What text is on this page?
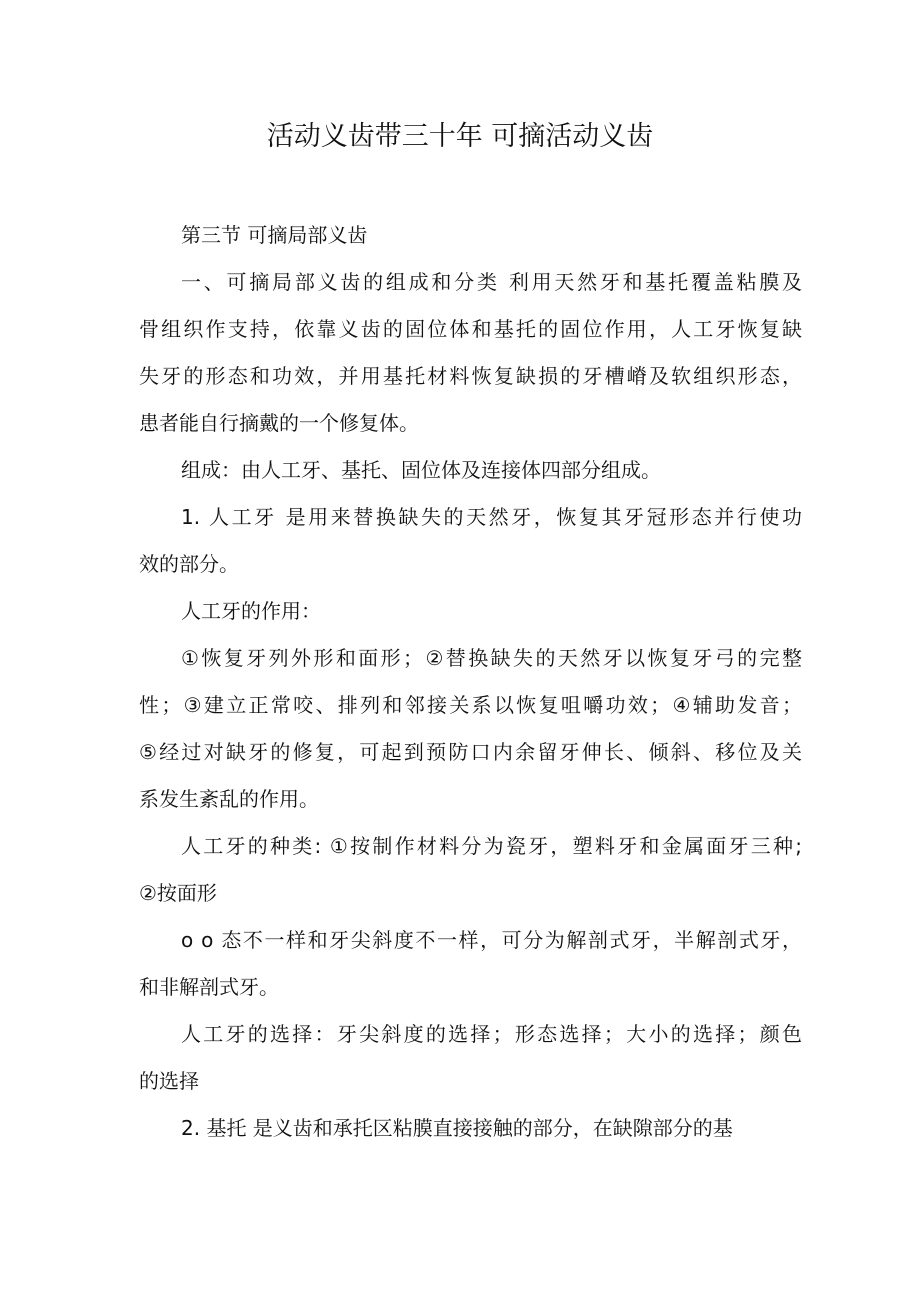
活动义齿带三十年 可摘活动义齿
第三节 可摘局部义齿
一、可摘局部义齿的组成和分类 利用天然牙和基托覆盖粘膜及
骨组织作支持，依靠义齿的固位体和基托的固位作用，人工牙恢复缺
失牙的形态和功效，并用基托材料恢复缺损的牙槽嵴及软组织形态，
患者能自行摘戴的一个修复体。
组成：由人工牙、基托、固位体及连接体四部分组成。
1. 人工牙 是用来替换缺失的天然牙，恢复其牙冠形态并行使功
效的部分。
人工牙的作用：
①恢复牙列外形和面形；②替换缺失的天然牙以恢复牙弓的完整
性；③建立正常咬、排列和邻接关系以恢复咀嚼功效；④辅助发音；
⑤经过对缺牙的修复，可起到预防口内余留牙伸长、倾斜、移位及关
系发生紊乱的作用。
人工牙的种类: ①按制作材料分为瓷牙，塑料牙和金属面牙三种;
②按面形
o o 态不一样和牙尖斜度不一样，可分为解剖式牙，半解剖式牙，
和非解剖式牙。
人工牙的选择：牙尖斜度的选择；形态选择；大小的选择；颜色
的选择
2. 基托 是义齿和承托区粘膜直接接触的部分，在缺隙部分的基
